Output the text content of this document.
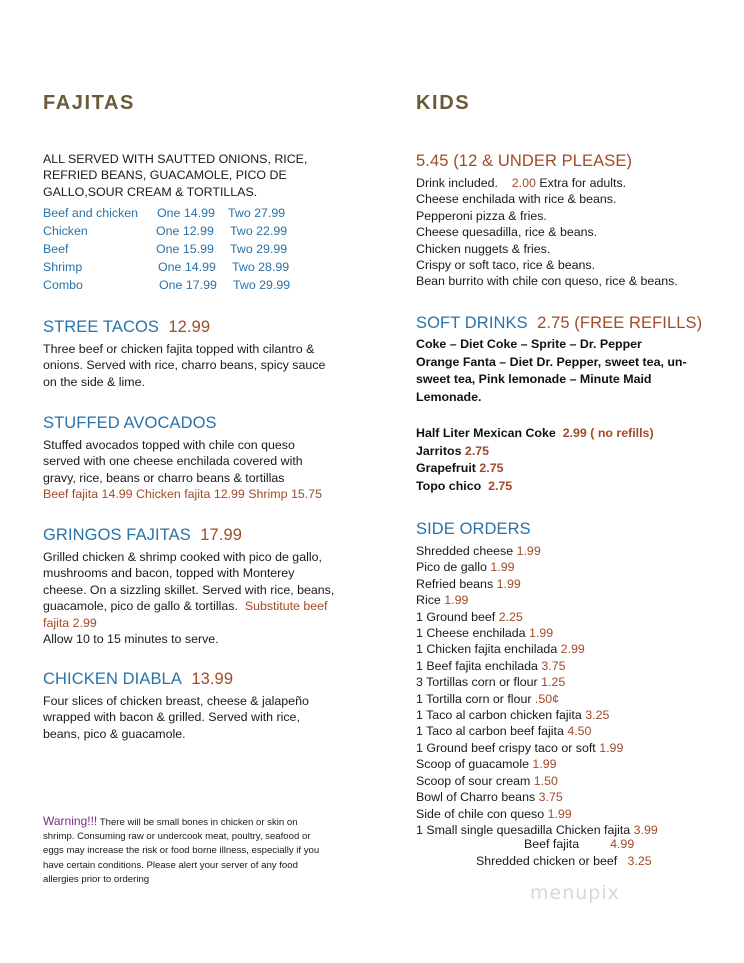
FAJITAS
ALL SERVED WITH SAUTTED ONIONS, RICE,
REFRIED BEANS, GUACAMOLE, PICO DE
GALLO,SOUR CREAM & TORTILLAS.
Beef and chicken One 14.99 Two 27.99
Chicken	One 12.99 Two 22.99
Beef	One 15.99 Two 29.99
Shrimp	One 14.99 Two 28.99
Combo	One 17.99 Two 29.99
STREE TACOS 12.99
Three beef or chicken fajita topped with cilantro &
onions. Served with rice, charro beans, spicy sauce
on the side & lime.
STUFFED AVOCADOS
Stuffed avocados topped with chile con queso
served with one cheese enchilada covered with
gravy, rice, beans or charro beans & tortillas
Beef fajita 14.99 Chicken fajita 12.99 Shrimp 15.75
GRINGOS FAJITAS 17.99
Grilled chicken & shrimp cooked with pico de gallo,
mushrooms and bacon, topped with Monterey
cheese. On a sizzling skillet. Served with rice, beans,
guacamole, pico de gallo & tortillas. Substitute beef
fajita 2.99
Allow 10 to 15 minutes to serve.
CHICKEN DIABLA 13.99
Four slices of chicken breast, cheese & jalapeño
wrapped with bacon & grilled. Served with rice,
beans, pico & guacamole.
Warning!!! There will be small bones in chicken or skin on
shrimp. Consuming raw or undercook meat, poultry, seafood or
eggs may increase the risk or food borne illness, especially if you
have certain conditions. Please alert your server of any food
allergies prior to ordering
KIDS
5.45 (12 & UNDER PLEASE)
Drink included. 2.00 Extra for adults.
Cheese enchilada with rice & beans.
Pepperoni pizza & fries.
Cheese quesadilla, rice & beans.
Chicken nuggets & fries.
Crispy or soft taco, rice & beans.
Bean burrito with chile con queso, rice & beans.
SOFT DRINKS 2.75 (FREE REFILLS)
Coke – Diet Coke – Sprite – Dr. Pepper
Orange Fanta – Diet Dr. Pepper, sweet tea, un-
sweet tea, Pink lemonade – Minute Maid
Lemonade.
Half Liter Mexican Coke 2.99 ( no refills)
Jarritos 2.75
Grapefruit 2.75
Topo chico 2.75
SIDE ORDERS
Shredded cheese 1.99
Pico de gallo 1.99
Refried beans 1.99
Rice 1.99
1 Ground beef 2.25
1 Cheese enchilada 1.99
1 Chicken fajita enchilada 2.99
1 Beef fajita enchilada 3.75
3 Tortillas corn or flour 1.25
1 Tortilla corn or flour .50¢
1 Taco al carbon chicken fajita 3.25
1 Taco al carbon beef fajita 4.50
1 Ground beef crispy taco or soft 1.99
Scoop of guacamole 1.99
Scoop of sour cream 1.50
Bowl of Charro beans 3.75
Side of chile con queso 1.99
1 Small single quesadilla Chicken fajita 3.99
Beef fajita 4.99
Shredded chicken or beef 3.25
menupix
